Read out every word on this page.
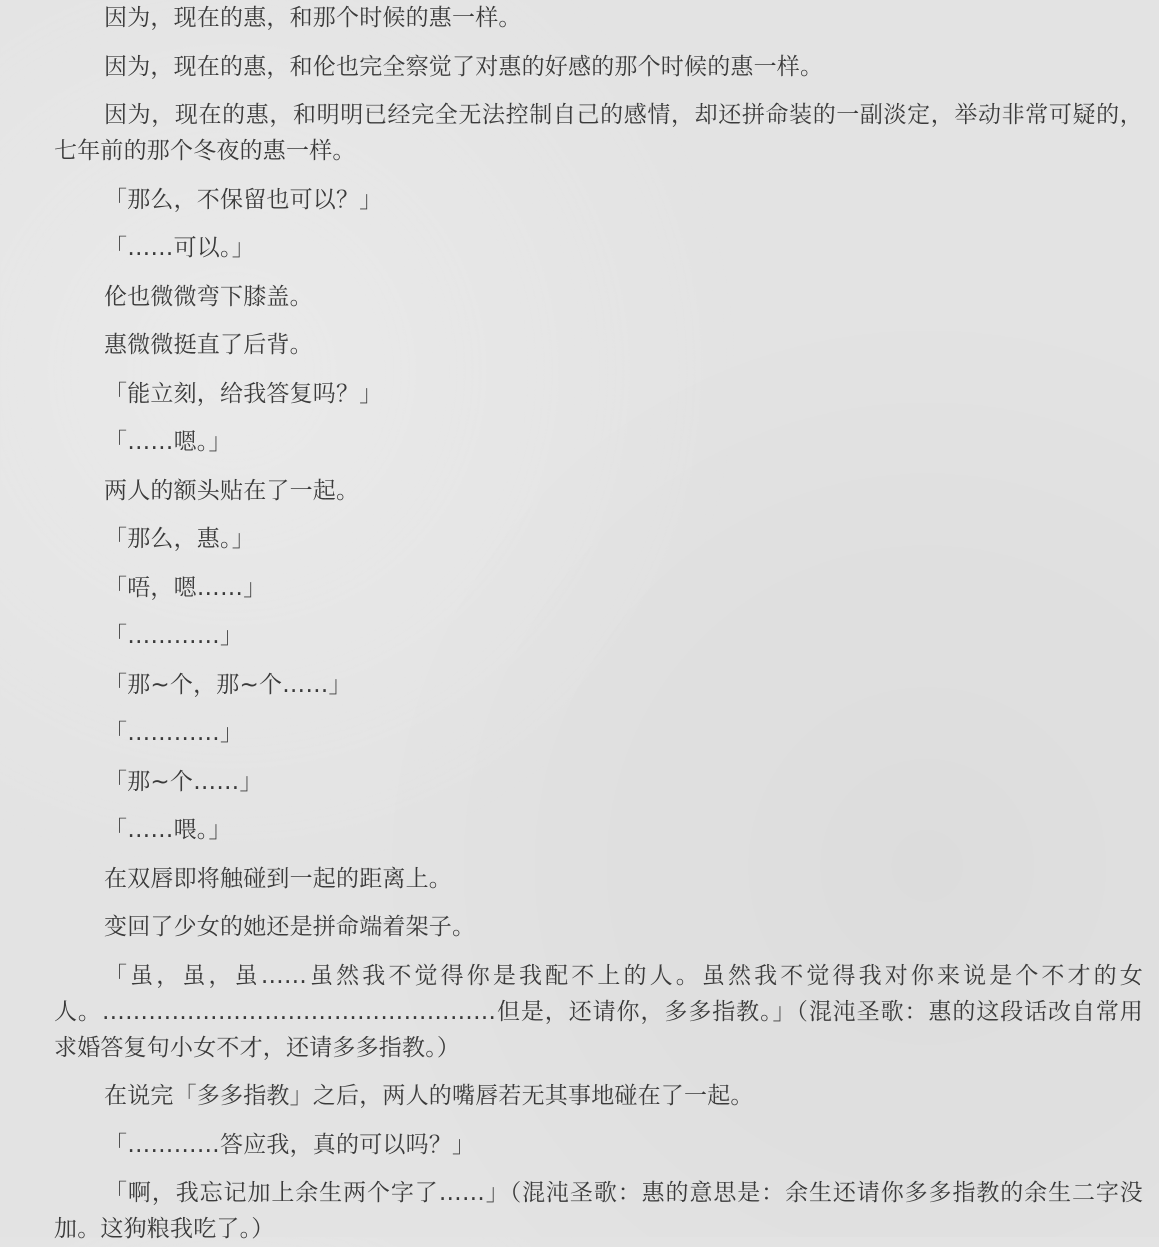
因为，现在的惠，和那个时候的惠一样。

因为，现在的惠，和伦也完全察觉了对惠的好感的那个时候的惠一样。

因为，现在的惠，和明明已经完全无法控制自己的感情，却还拼命装的一副淡定，举动非常可疑的，七年前的那个冬夜的惠一样。

「那么，不保留也可以？」

「……可以。」

伦也微微弯下膝盖。

惠微微挺直了后背。

「能立刻，给我答复吗？」

「……嗯。」

两人的额头贴在了一起。

「那么，惠。」

「唔，嗯……」

「…………」

「那~个，那~个……」

「…………」

「那~个……」

「……喂。」

在双唇即将触碰到一起的距离上。

变回了少女的她还是拼命端着架子。

「虽，虽，虽……虽然我不觉得你是我配不上的人。虽然我不觉得我对你来说是个不才的女人。……………………………………………但是，还请你，多多指教。」（混沌圣歌：惠的这段话改自常用求婚答复句小女不才，还请多多指教。）

在说完「多多指教」之后，两人的嘴唇若无其事地碰在了一起。

「…………答应我，真的可以吗？」

「啊，我忘记加上余生两个字了……」（混沌圣歌：惠的意思是：余生还请你多多指教的余生二字没加。这狗粮我吃了。）
